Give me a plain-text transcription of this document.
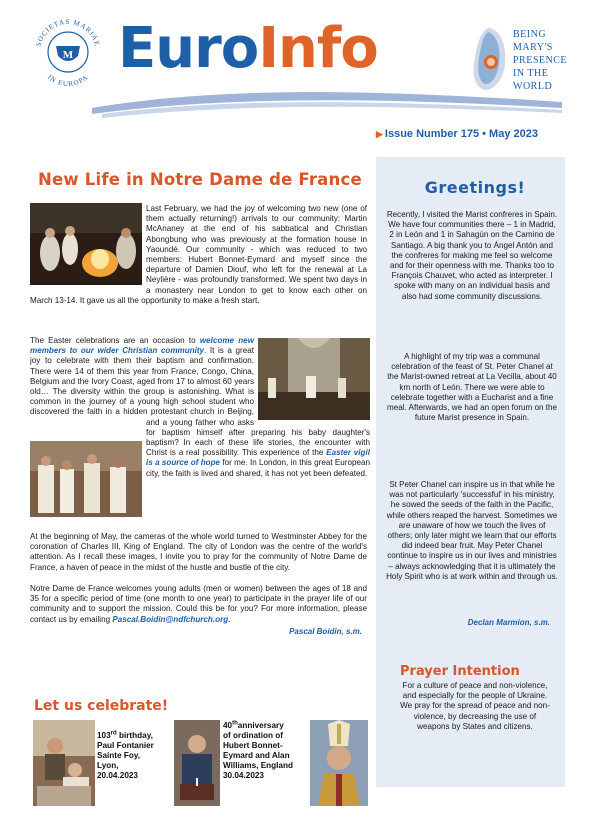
M
SOCIETAS MARIAE
IN EUROPA EuroInfo	BEING
MARY'S
PRESENCE
IN THE
WORLD
▶ Issue Number 175 • May 2023
New Life in Notre Dame de France

Last February, we had the joy of welcoming two new (one of them actually returning!) arrivals to our community: Martin McAnaney at the end of his sabbatical and Christian Abongbung who was previously at the formation house in Yaoundé. Our community - which was reduced to two members: Hubert Bonnet-Eymard and myself since the departure of Damien Diouf, who left for the renewal at La Neylière - was profoundly transformed. We spent two days in

a monastery near London to get to know each other on March 13-14. It gave us all the opportunity to make a fresh start.

The Easter celebrations are an occasion to welcome new members to our wider Christian community. It is a great joy to celebrate with them their baptism and confirmation. There were 14 of them this year from France, Congo, China, Belgium and the Ivory Coast, aged from 17 to almost 60 years old… The diversity within the group is astonishing. What is common in the journey of a young high school student who discovered the faith in a hidden protestant church in Beijing, and a young father who asks for baptism himself after preparing his baby daughter's baptism? In each of these life stories, the encounter with Christ is a real possibility. This experience of the Easter vigil is a source of hope for me. In London, in this great European city, the faith is lived and shared, it has not yet been defeated.

At the beginning of May, the cameras of the whole world turned to Westminster Abbey for the coronation of Charles III, King of England. The city of London was the centre of the world's attention. As I recall these images, I invite you to pray for the community of Notre Dame de France, a haven of peace in the midst of the hustle and bustle of the city.

Notre Dame de France welcomes young adults (men or women) between the ages of 18 and 35 for a specific period of time (one month to one year) to participate in the prayer life of our community and to support the mission. Could this be for you? For more information, please contact us by emailing Pascal.Boidin@ndfchurch.org.

Pascal Boidin, s.m.
Greetings!
Recently, I visited the Marist confreres in Spain. We have four communities there – 1 in Madrid, 2 in León and 1 in Sahagún on the Camino de Santiago. A big thank you to Ángel Antón and the confreres for making me feel so welcome and for their openness with me. Thanks too to François Chauvet, who acted as interpreter. I spoke with many on an individual basis and also had some community discussions.
A highlight of my trip was a communal celebration of the feast of St. Peter Chanel at the Marist-owned retreat at La Vecilla, about 40 km north of León. There we were able to celebrate together with a Eucharist and a fine meal. Afterwards, we had an open forum on the future Marist presence in Spain.
St Peter Chanel can inspire us in that while he was not particularly 'successful' in his ministry, he sowed the seeds of the faith in the Pacific, while others reaped the harvest. Sometimes we are unaware of how we touch the lives of others; only later might we learn that our efforts did indeed bear fruit. May Peter Chanel continue to inspire us in our lives and ministries – always acknowledging that it is ultimately the Holy Spirit who is at work within and through us.
Declan Marmion, s.m.
Prayer Intention
For a culture of peace and non-violence, and especially for the people of Ukraine. We pray for the spread of peace and non-violence, by decreasing the use of weapons by States and citizens.
Let us celebrate!
103rd birthday,
Paul Fontanier
Sainte Foy,
Lyon,
20.04.2023
40thanniversary
of ordination of
Hubert Bonnet-
Eymard and Alan
Williams, England
30.04.2023
